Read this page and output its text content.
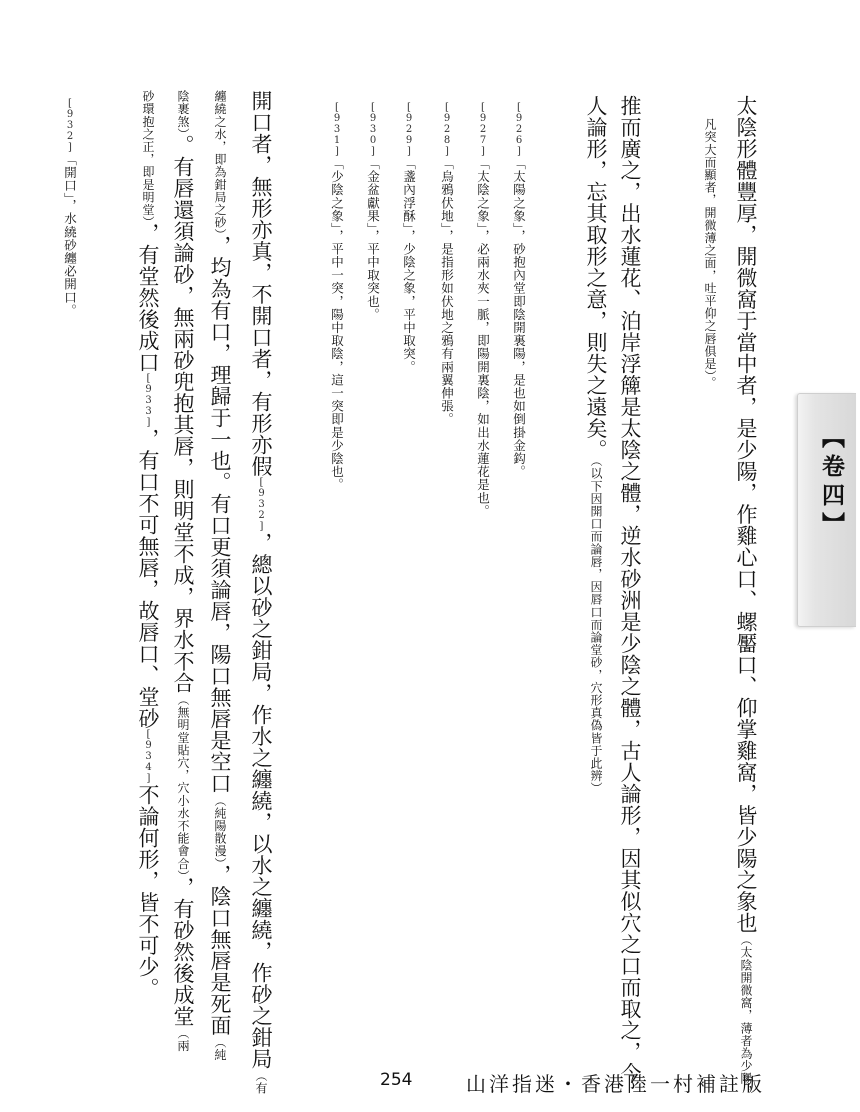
太陰形體豐厚，開微窩于當中者，是少陽，作雞心口、螺靨口、仰掌雞窩，皆少陽之象也（太陰開微窩，薄者為少陽，
凡突大而顯者，開微薄之面，吐平仰之唇俱是）。
推而廣之，出水蓮花、泊岸浮簰是太陰之體，逆水砂洲是少陰之體，古人論形，因其似穴之口而取之，今
人論形，忘其取形之意，則失之遠矣。（以下因開口而論唇，因唇口而論堂砂，穴形真偽皆于此辨）
[926]「太陽之象」，砂抱內堂即陰開裏陽，是也如倒掛金鈎。
[927]「太陰之象」，必兩水夾一脈，即陽開裏陰，如出水蓮花是也。
[928]「烏鴉伏地」，是指形如伏地之鴉有兩翼伸張。
[929]「盞內浮酥」，少陰之象，平中取突。
[930]「金盆獻果」，平中取突也。
[931]「少陰之象」，平中一突，陽中取陰，這一突即是少陰也。
開口者，無形亦真，不開口者，有形亦假[932]，總以砂之鉗局，作水之纏繞，以水之纏繞，作砂之鉗局（有
纏繞之水，即為鉗局之砂），均為有口，理歸于一也。有口更須論唇，陽口無唇是空口（純陽散漫），陰口無唇是死面（純
陰裹煞）。有唇還須論砂，無兩砂兜抱其唇，則明堂不成，界水不合（無明堂貼穴，穴小水不能會合），有砂然後成堂（兩
砂環抱之正，即是明堂），有堂然後成口[933]，有口不可無唇，故唇口、堂砂[934]不論何形，皆不可少。
[932]「開口」，水繞砂纏必開口。
【卷四】
254	山洋指迷・香港陸一村補註版
